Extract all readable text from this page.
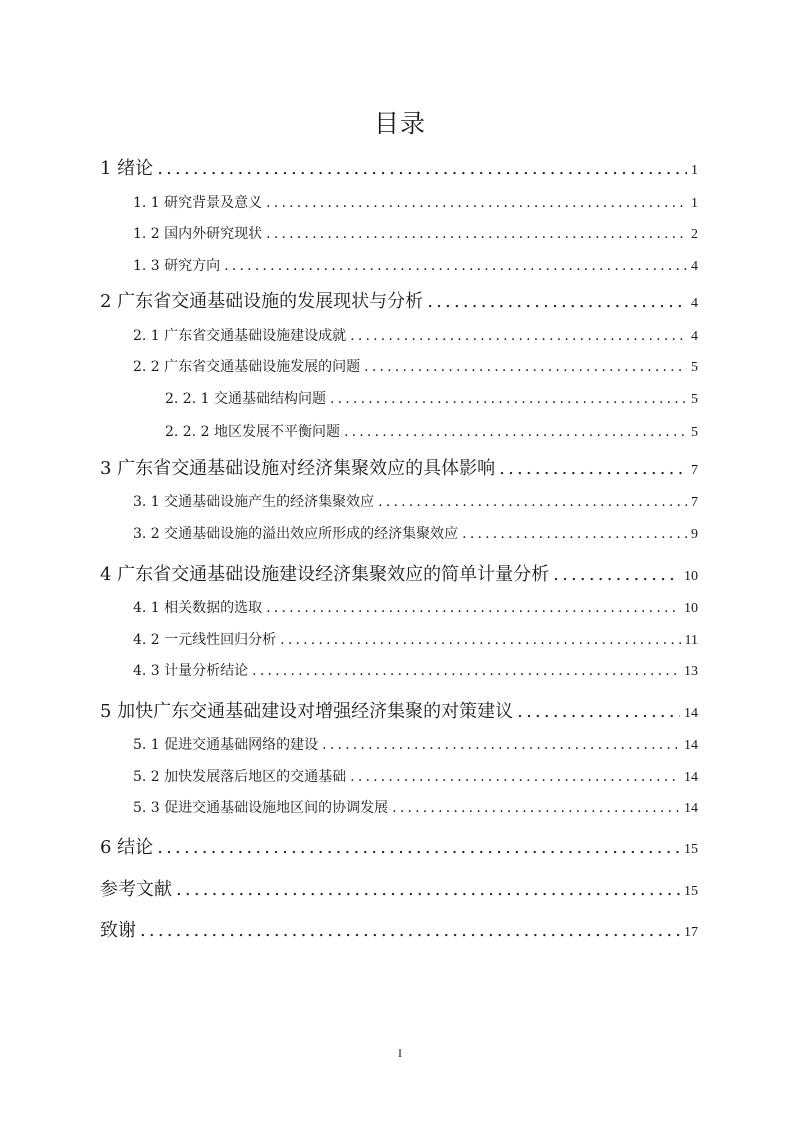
目录
1 绪论 .....	1
1. 1 研究背景及意义 .....	1
1. 2 国内外研究现状 .....	2
1. 3 研究方向 .....	4
2 广东省交通基础设施的发展现状与分析 .....	4
2. 1 广东省交通基础设施建设成就 .....	4
2. 2 广东省交通基础设施发展的问题 .....	5
2. 2. 1 交通基础结构问题 .....	5
2. 2. 2 地区发展不平衡问题 .....	5
3 广东省交通基础设施对经济集聚效应的具体影响 .....	7
3. 1 交通基础设施产生的经济集聚效应 .....	7
3. 2 交通基础设施的溢出效应所形成的经济集聚效应 .....	9
4 广东省交通基础设施建设经济集聚效应的简单计量分析 .....	10
4. 1 相关数据的选取 .....	10
4. 2 一元线性回归分析 .....	11
4. 3 计量分析结论 .....	13
5 加快广东交通基础建设对增强经济集聚的对策建议 .....	14
5. 1 促进交通基础网络的建设 .....	14
5. 2 加快发展落后地区的交通基础 .....	14
5. 3 促进交通基础设施地区间的协调发展 .....	14
6 结论 .....	15
参考文献 .....	15
致谢 .....	17
I
